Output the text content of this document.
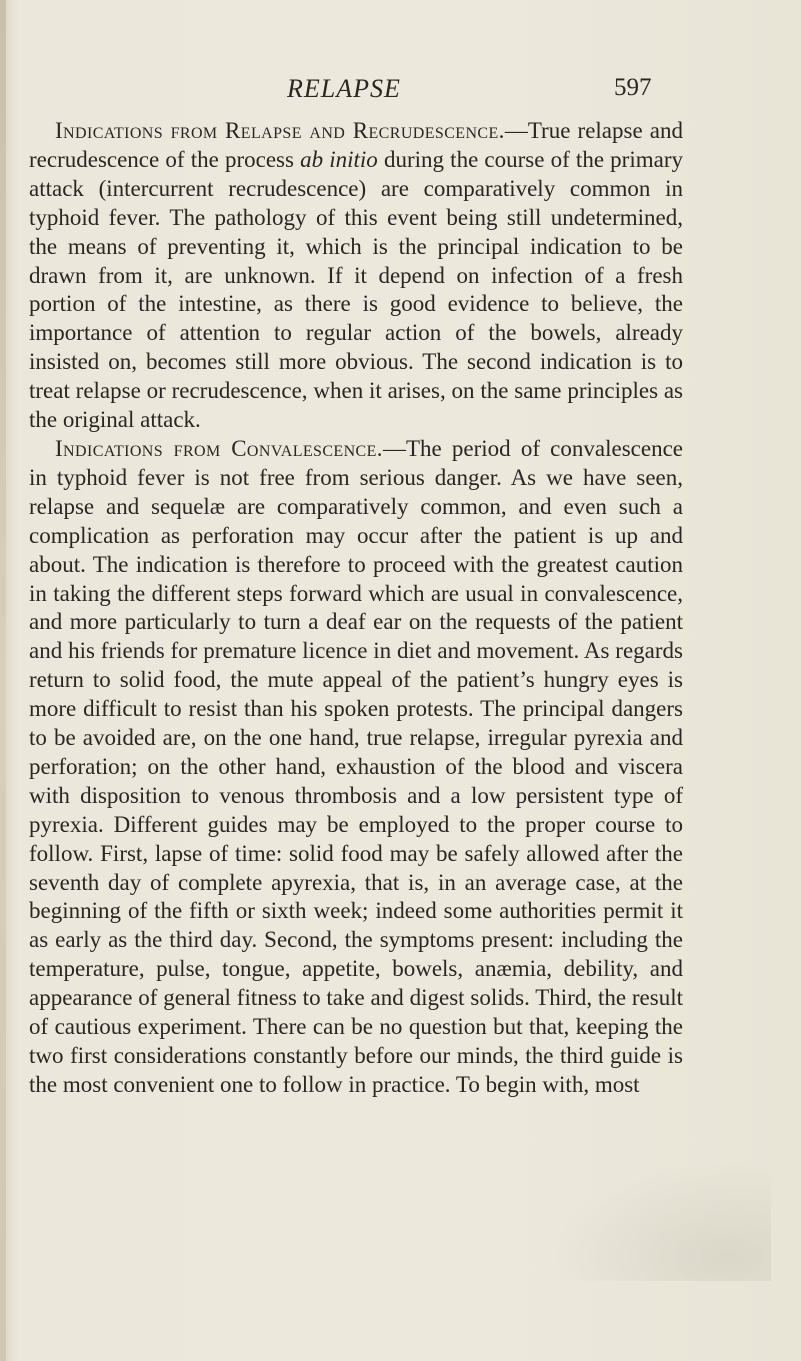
RELAPSE	597

Indications from Relapse and Recrudescence.—True relapse and recrudescence of the process ab initio during the course of the primary attack (intercurrent recrudescence) are comparatively common in typhoid fever. The pathology of this event being still undetermined, the means of preventing it, which is the principal indication to be drawn from it, are unknown. If it depend on infection of a fresh portion of the intestine, as there is good evidence to believe, the importance of attention to regular action of the bowels, already insisted on, becomes still more obvious. The second indication is to treat relapse or recrudescence, when it arises, on the same principles as the original attack.

Indications from Convalescence.—The period of convalescence in typhoid fever is not free from serious danger. As we have seen, relapse and sequelæ are comparatively common, and even such a complication as perforation may occur after the patient is up and about. The indication is therefore to proceed with the greatest caution in taking the different steps forward which are usual in convalescence, and more particularly to turn a deaf ear on the requests of the patient and his friends for premature licence in diet and movement. As regards return to solid food, the mute appeal of the patient’s hungry eyes is more difficult to resist than his spoken protests. The principal dangers to be avoided are, on the one hand, true relapse, irregular pyrexia and perforation; on the other hand, exhaustion of the blood and viscera with disposition to venous thrombosis and a low persistent type of pyrexia. Different guides may be employed to the proper course to follow. First, lapse of time: solid food may be safely allowed after the seventh day of complete apyrexia, that is, in an average case, at the beginning of the fifth or sixth week; indeed some authorities permit it as early as the third day. Second, the symptoms present: including the temperature, pulse, tongue, appetite, bowels, anæmia, debility, and appearance of general fitness to take and digest solids. Third, the result of cautious experiment. There can be no question but that, keeping the two first considerations constantly before our minds, the third guide is the most convenient one to follow in practice. To begin with, most
